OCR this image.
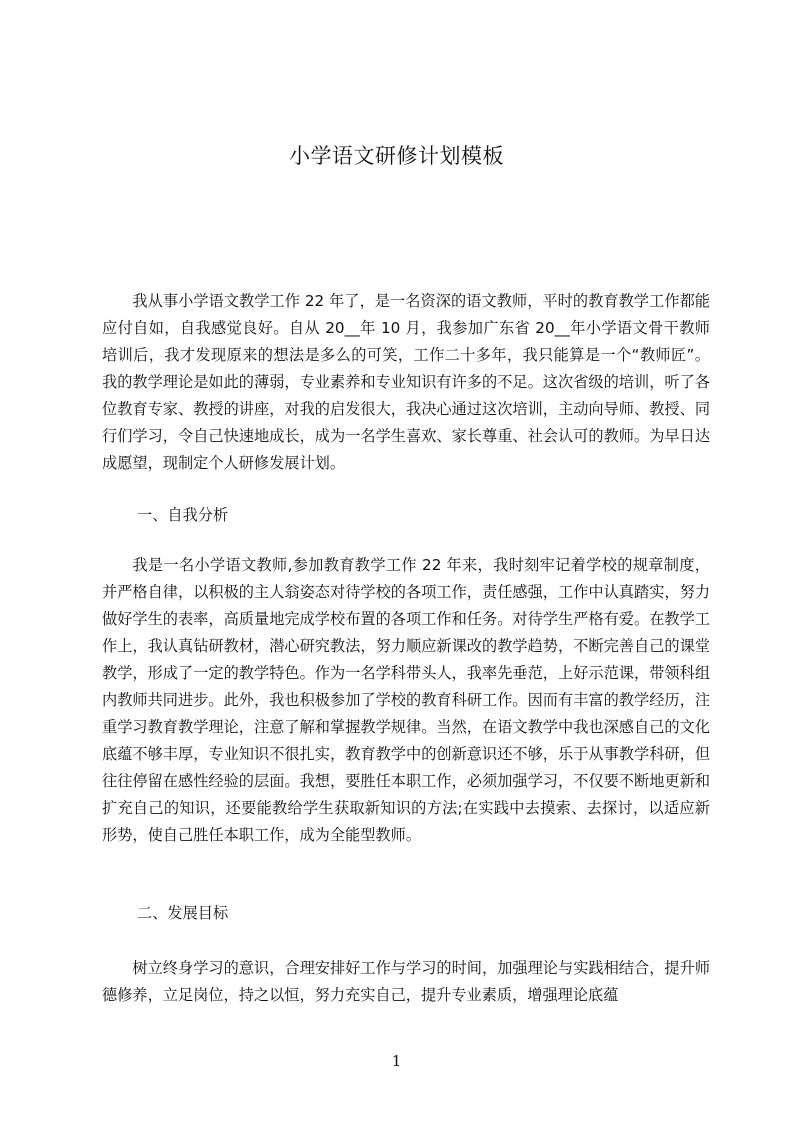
小学语文研修计划模板

我从事小学语文教学工作 22 年了，是一名资深的语文教师，平时的教育教学工作都能应付自如，自我感觉良好。自从 20__年 10 月，我参加广东省 20__年小学语文骨干教师培训后，我才发现原来的想法是多么的可笑，工作二十多年，我只能算是一个“教师匠”。我的教学理论是如此的薄弱，专业素养和专业知识有许多的不足。这次省级的培训，听了各位教育专家、教授的讲座，对我的启发很大，我决心通过这次培训，主动向导师、教授、同行们学习，令自己快速地成长，成为一名学生喜欢、家长尊重、社会认可的教师。为早日达成愿望，现制定个人研修发展计划。

一、自我分析

我是一名小学语文教师,参加教育教学工作 22 年来，我时刻牢记着学校的规章制度，并严格自律，以积极的主人翁姿态对待学校的各项工作，责任感强，工作中认真踏实，努力做好学生的表率，高质量地完成学校布置的各项工作和任务。对待学生严格有爱。在教学工作上，我认真钻研教材，潜心研究教法，努力顺应新课改的教学趋势，不断完善自己的课堂教学，形成了一定的教学特色。作为一名学科带头人，我率先垂范，上好示范课，带领科组内教师共同进步。此外，我也积极参加了学校的教育科研工作。因而有丰富的教学经历，注重学习教育教学理论，注意了解和掌握教学规律。当然，在语文教学中我也深感自己的文化底蕴不够丰厚，专业知识不很扎实，教育教学中的创新意识还不够，乐于从事教学科研，但往往停留在感性经验的层面。我想，要胜任本职工作，必须加强学习，不仅要不断地更新和扩充自己的知识，还要能教给学生获取新知识的方法;在实践中去摸索、去探讨，以适应新形势，使自己胜任本职工作，成为全能型教师。

二、发展目标

树立终身学习的意识，合理安排好工作与学习的时间，加强理论与实践相结合，提升师德修养，立足岗位，持之以恒，努力充实自己，提升专业素质，增强理论底蕴

1
